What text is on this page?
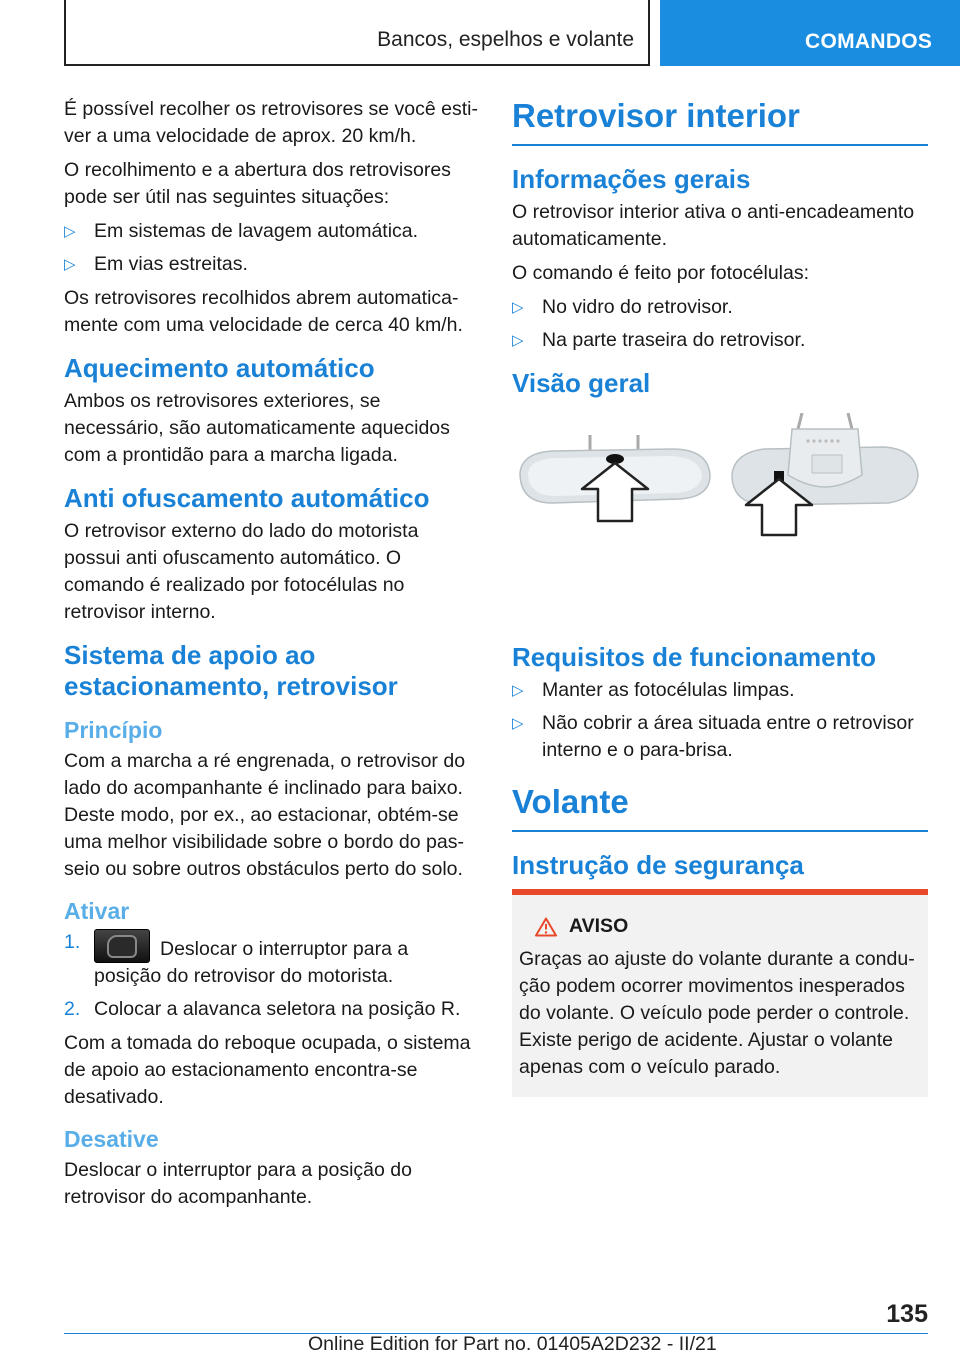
Bancos, espelhos e volante	COMANDOS

É possível recolher os retrovisores se você estiver a uma velocidade de aprox. 20 km/h.

O recolhimento e a abertura dos retrovisores pode ser útil nas seguintes situações:

▷ Em sistemas de lavagem automática.
▷ Em vias estreitas.

Os retrovisores recolhidos abrem automaticamente com uma velocidade de cerca 40 km/h.

Aquecimento automático

Ambos os retrovisores exteriores, se necessário, são automaticamente aquecidos com a prontidão para a marcha ligada.

Anti ofuscamento automático

O retrovisor externo do lado do motorista possui anti ofuscamento automático. O comando é realizado por fotocélulas no retrovisor interno.

Sistema de apoio ao estacionamento, retrovisor
Princípio

Com a marcha a ré engrenada, o retrovisor do lado do acompanhante é inclinado para baixo. Deste modo, por ex., ao estacionar, obtém-se uma melhor visibilidade sobre o bordo do passeio ou sobre outros obstáculos perto do solo.

Ativar
1.	Deslocar o interruptor para a posição do retrovisor do motorista.
2. Colocar a alavanca seletora na posição R.

Com a tomada do reboque ocupada, o sistema de apoio ao estacionamento encontra-se desativado.

Desative

Deslocar o interruptor para a posição do retrovisor do acompanhante.

Retrovisor interior
Informações gerais

O retrovisor interior ativa o anti-encadeamento automaticamente.

O comando é feito por fotocélulas:

▷ No vidro do retrovisor.
▷ Na parte traseira do retrovisor.
Visão geral
Requisitos de funcionamento
▷ Manter as fotocélulas limpas.
▷ Não cobrir a área situada entre o retrovisor interno e o para-brisa.
Volante
Instrução de segurança
AVISO

Graças ao ajuste do volante durante a condução podem ocorrer movimentos inesperados do volante. O veículo pode perder o controle. Existe perigo de acidente. Ajustar o volante apenas com o veículo parado.

135
Online Edition for Part no. 01405A2D232 - II/21
